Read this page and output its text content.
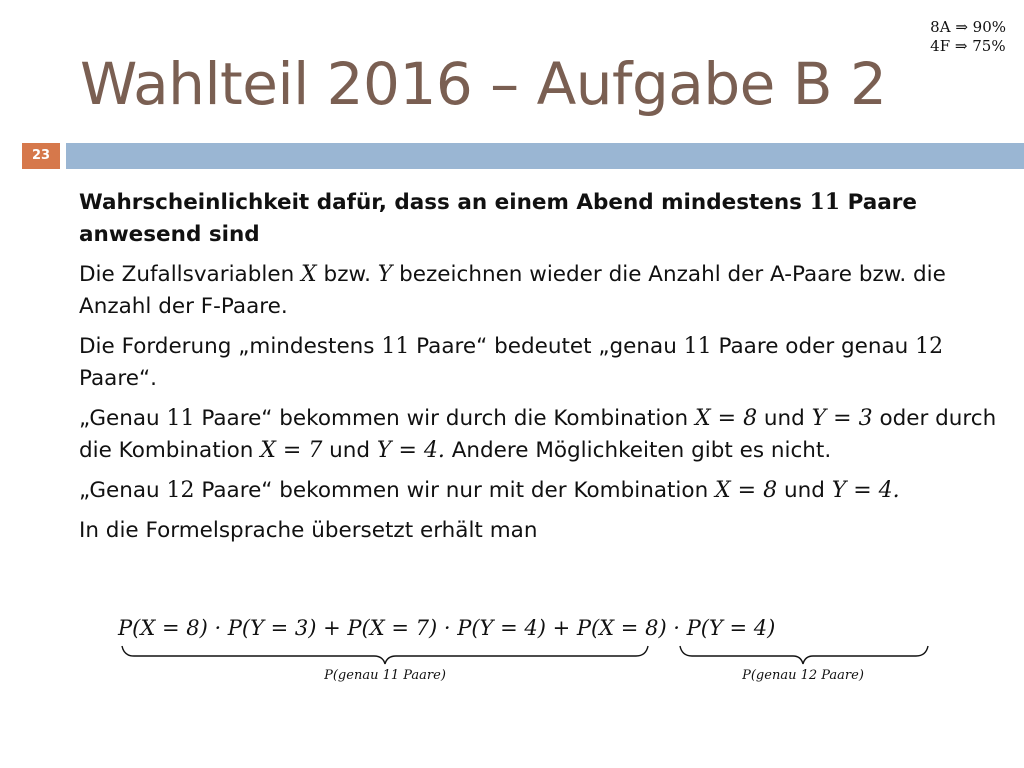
8A ⇒ 90%
4F ⇒ 75%
Wahlteil 2016 – Aufgabe B 2
23

Wahrscheinlichkeit dafür, dass an einem Abend mindestens 11 Paare anwesend sind

Die Zufallsvariablen X bzw. Y bezeichnen wieder die Anzahl der A-Paare bzw. die Anzahl der F-Paare.

Die Forderung „mindestens 11 Paare“ bedeutet „genau 11 Paare oder genau 12 Paare“.

„Genau 11 Paare“ bekommen wir durch die Kombination X = 8 und Y = 3 oder durch die Kombination X = 7 und Y = 4. Andere Möglichkeiten gibt es nicht.

„Genau 12 Paare“ bekommen wir nur mit der Kombination X = 8 und Y = 4.

In die Formelsprache übersetzt erhält man

P(X = 8) · P(Y = 3) + P(X = 7) · P(Y = 4) + P(X = 8) · P(Y = 4)
P(genau 11 Paare)	P(genau 12 Paare)
